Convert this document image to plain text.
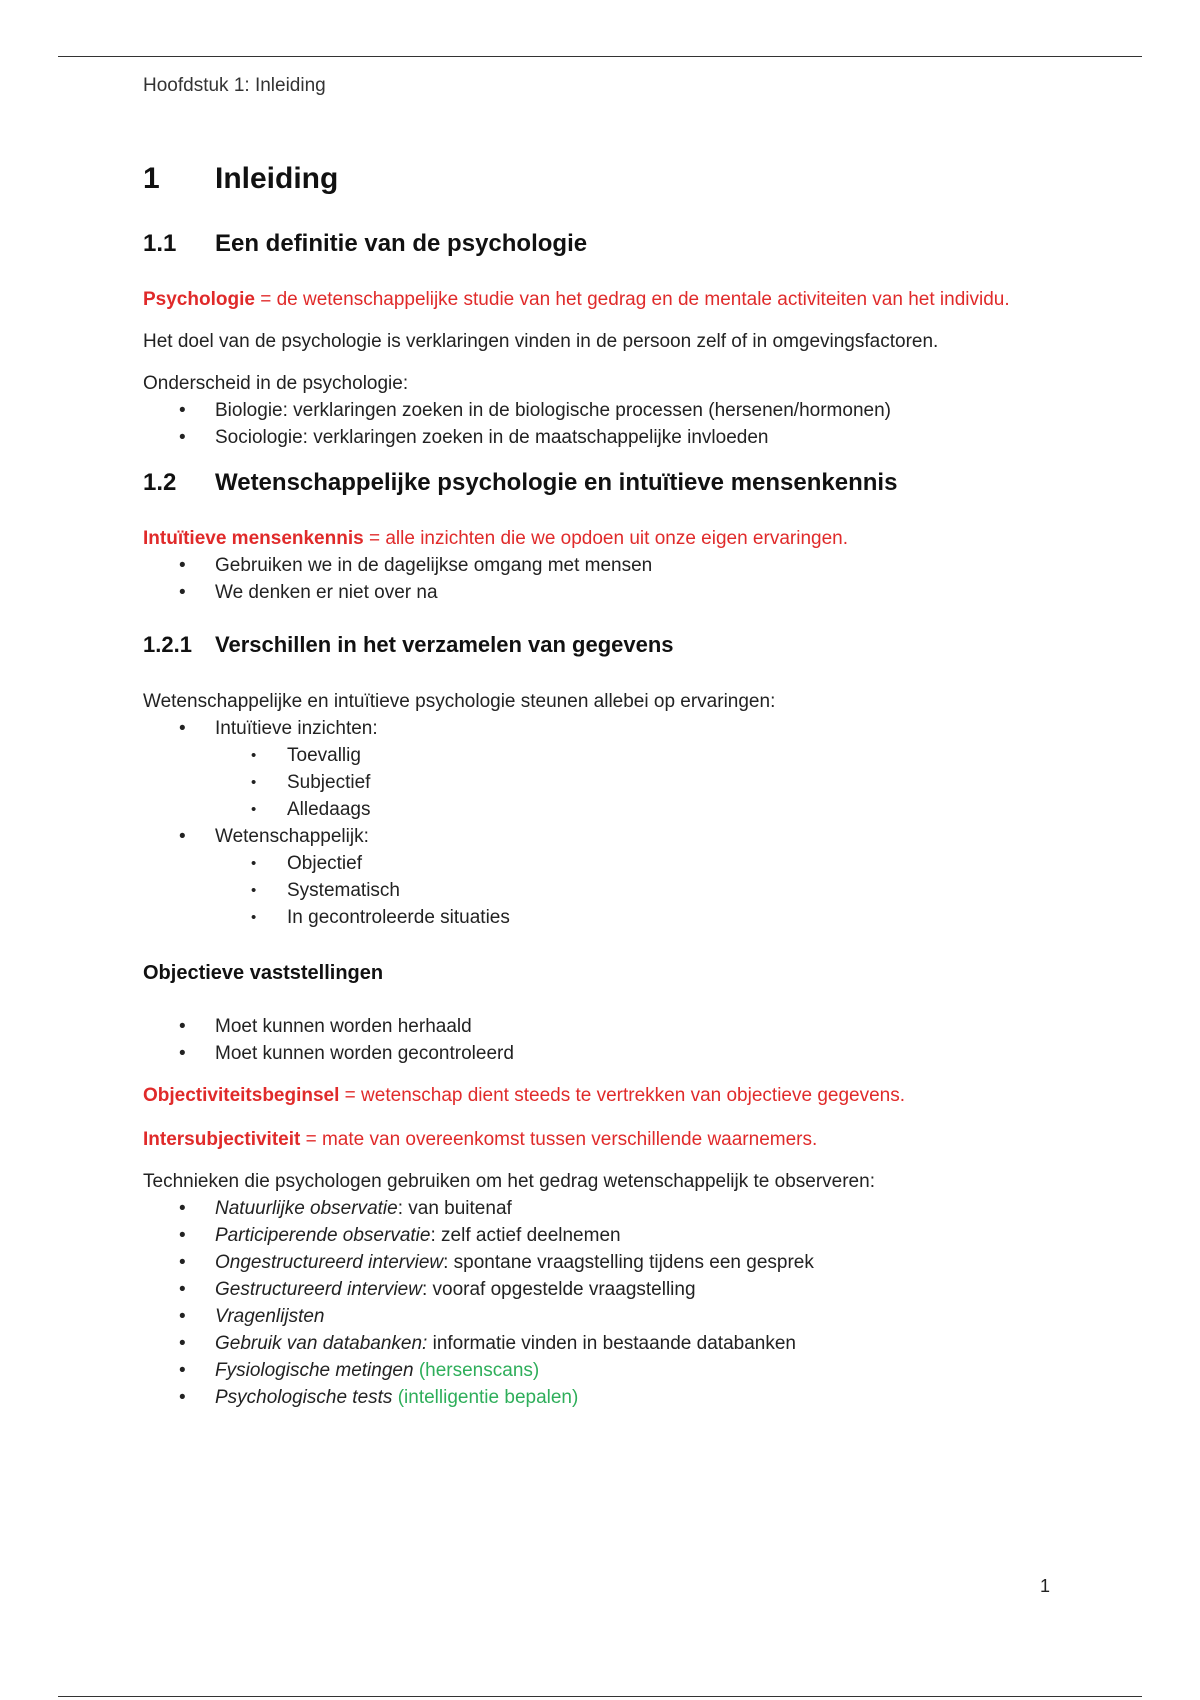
Hoofdstuk 1: Inleiding

1	Inleiding
1.1	Een definitie van de psychologie

Psychologie = de wetenschappelijke studie van het gedrag en de mentale activiteiten van het individu.

Het doel van de psychologie is verklaringen vinden in de persoon zelf of in omgevingsfactoren.

Onderscheid in de psychologie:

• Biologie: verklaringen zoeken in de biologische processen (hersenen/hormonen)
• Sociologie: verklaringen zoeken in de maatschappelijke invloeden
1.2	Wetenschappelijke psychologie en intuïtieve mensenkennis

Intuïtieve mensenkennis = alle inzichten die we opdoen uit onze eigen ervaringen.

• Gebruiken we in de dagelijkse omgang met mensen
• We denken er niet over na
1.2.1	Verschillen in het verzamelen van gegevens

Wetenschappelijke en intuïtieve psychologie steunen allebei op ervaringen:

• Intuïtieve inzichten:
• Toevallig
• Subjectief
• Alledaags
• Wetenschappelijk:
• Objectief
• Systematisch
• In gecontroleerde situaties
Objectieve vaststellingen
• Moet kunnen worden herhaald
• Moet kunnen worden gecontroleerd

Objectiviteitsbeginsel = wetenschap dient steeds te vertrekken van objectieve gegevens.

Intersubjectiviteit = mate van overeenkomst tussen verschillende waarnemers.

Technieken die psychologen gebruiken om het gedrag wetenschappelijk te observeren:

• Natuurlijke observatie: van buitenaf
• Participerende observatie: zelf actief deelnemen
• Ongestructureerd interview: spontane vraagstelling tijdens een gesprek
• Gestructureerd interview: vooraf opgestelde vraagstelling
• Vragenlijsten
• Gebruik van databanken: informatie vinden in bestaande databanken
• Fysiologische metingen (hersenscans)
• Psychologische tests (intelligentie bepalen)
1
